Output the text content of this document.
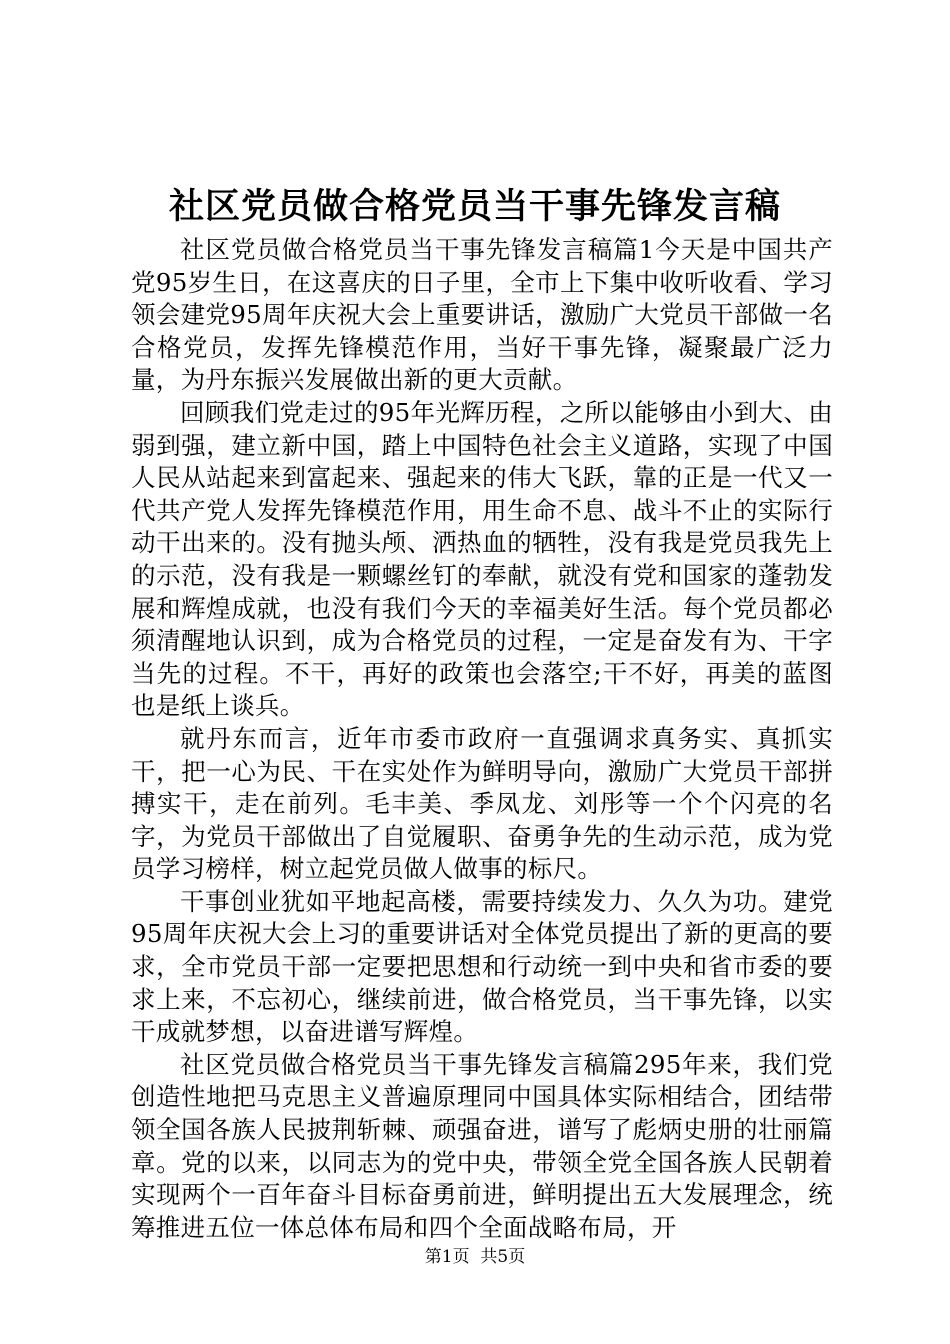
社区党员做合格党员当干事先锋发言稿

社区党员做合格党员当干事先锋发言稿篇1今天是中国共产党95岁生日，在这喜庆的日子里，全市上下集中收听收看、学习领会建党95周年庆祝大会上重要讲话，激励广大党员干部做一名合格党员，发挥先锋模范作用，当好干事先锋，凝聚最广泛力量，为丹东振兴发展做出新的更大贡献。

回顾我们党走过的95年光辉历程，之所以能够由小到大、由弱到强，建立新中国，踏上中国特色社会主义道路，实现了中国人民从站起来到富起来、强起来的伟大飞跃，靠的正是一代又一代共产党人发挥先锋模范作用，用生命不息、战斗不止的实际行动干出来的。没有抛头颅、洒热血的牺牲，没有我是党员我先上的示范，没有我是一颗螺丝钉的奉献，就没有党和国家的蓬勃发展和辉煌成就，也没有我们今天的幸福美好生活。每个党员都必须清醒地认识到，成为合格党员的过程，一定是奋发有为、干字当先的过程。不干，再好的政策也会落空;干不好，再美的蓝图也是纸上谈兵。

就丹东而言，近年市委市政府一直强调求真务实、真抓实干，把一心为民、干在实处作为鲜明导向，激励广大党员干部拼搏实干，走在前列。毛丰美、季凤龙、刘彤等一个个闪亮的名字，为党员干部做出了自觉履职、奋勇争先的生动示范，成为党员学习榜样，树立起党员做人做事的标尺。

干事创业犹如平地起高楼，需要持续发力、久久为功。建党95周年庆祝大会上习的重要讲话对全体党员提出了新的更高的要求，全市党员干部一定要把思想和行动统一到中央和省市委的要求上来，不忘初心，继续前进，做合格党员，当干事先锋，以实干成就梦想，以奋进谱写辉煌。

社区党员做合格党员当干事先锋发言稿篇295年来，我们党创造性地把马克思主义普遍原理同中国具体实际相结合，团结带领全国各族人民披荆斩棘、顽强奋进，谱写了彪炳史册的壮丽篇章。党的以来，以同志为的党中央，带领全党全国各族人民朝着实现两个一百年奋斗目标奋勇前进，鲜明提出五大发展理念，统筹推进五位一体总体布局和四个全面战略布局，开

第1页 共5页
